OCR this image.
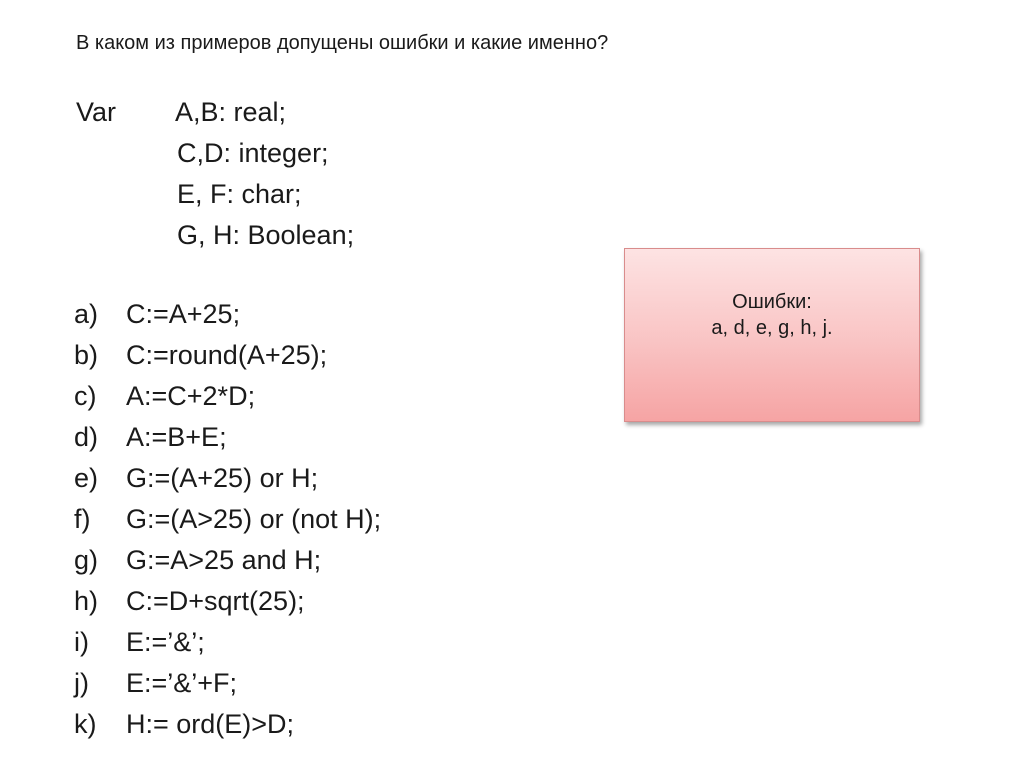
В каком из примеров допущены ошибки и какие именно?
Var A,B: real;
C,D: integer;
E, F: char;
G, H: Boolean;
a) C:=A+25;
b) C:=round(A+25);
c) A:=C+2*D;
d) A:=B+E;
e) G:=(A+25) or H;
f) G:=(A>25) or (not H);
g) G:=A>25 and H;
h) C:=D+sqrt(25);
i) E:=’&’;
j) E:=’&’+F;
k) H:= ord(E)>D;
Ошибки:
a, d, e, g, h, j.
